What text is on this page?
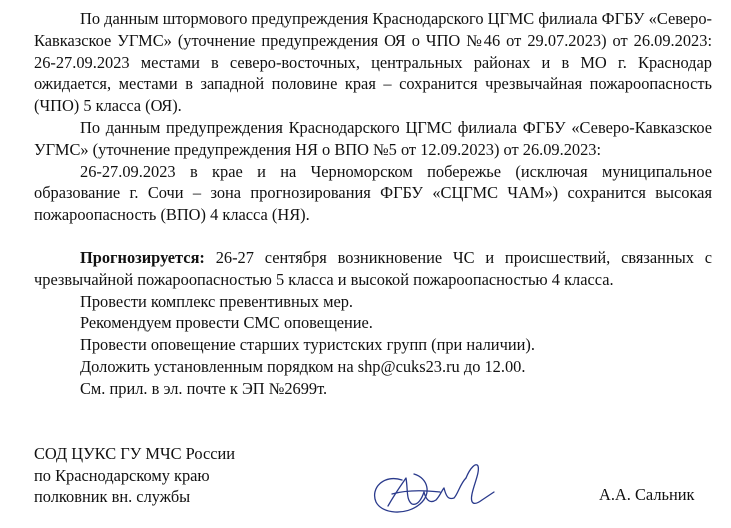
По данным штормового предупреждения Краснодарского ЦГМС филиала ФГБУ «Северо-Кавказское УГМС» (уточнение предупреждения ОЯ о ЧПО №46 от 29.07.2023) от 26.09.2023: 26-27.09.2023 местами в северо-восточных, центральных районах и в МО г. Краснодар ожидается, местами в западной половине края – сохранится чрезвычайная пожароопасность (ЧПО) 5 класса (ОЯ).

По данным предупреждения Краснодарского ЦГМС филиала ФГБУ «Северо-Кавказское УГМС» (уточнение предупреждения НЯ о ВПО №5 от 12.09.2023) от 26.09.2023:

26-27.09.2023 в крае и на Черноморском побережье (исключая муниципальное образование г. Сочи – зона прогнозирования ФГБУ «СЦГМС ЧАМ») сохранится высокая пожароопасность (ВПО) 4 класса (НЯ).

Прогнозируется: 26-27 сентября возникновение ЧС и происшествий, связанных с чрезвычайной пожароопасностью 5 класса и высокой пожароопасностью 4 класса.

Провести комплекс превентивных мер.

Рекомендуем провести СМС оповещение.

Провести оповещение старших туристских групп (при наличии).

Доложить установленным порядком на shp@cuks23.ru до 12.00.

См. прил. в эл. почте к ЭП №2699т.

СОД ЦУКС ГУ МЧС России
по Краснодарскому краю
полковник вн. службы	А.А. Сальник
